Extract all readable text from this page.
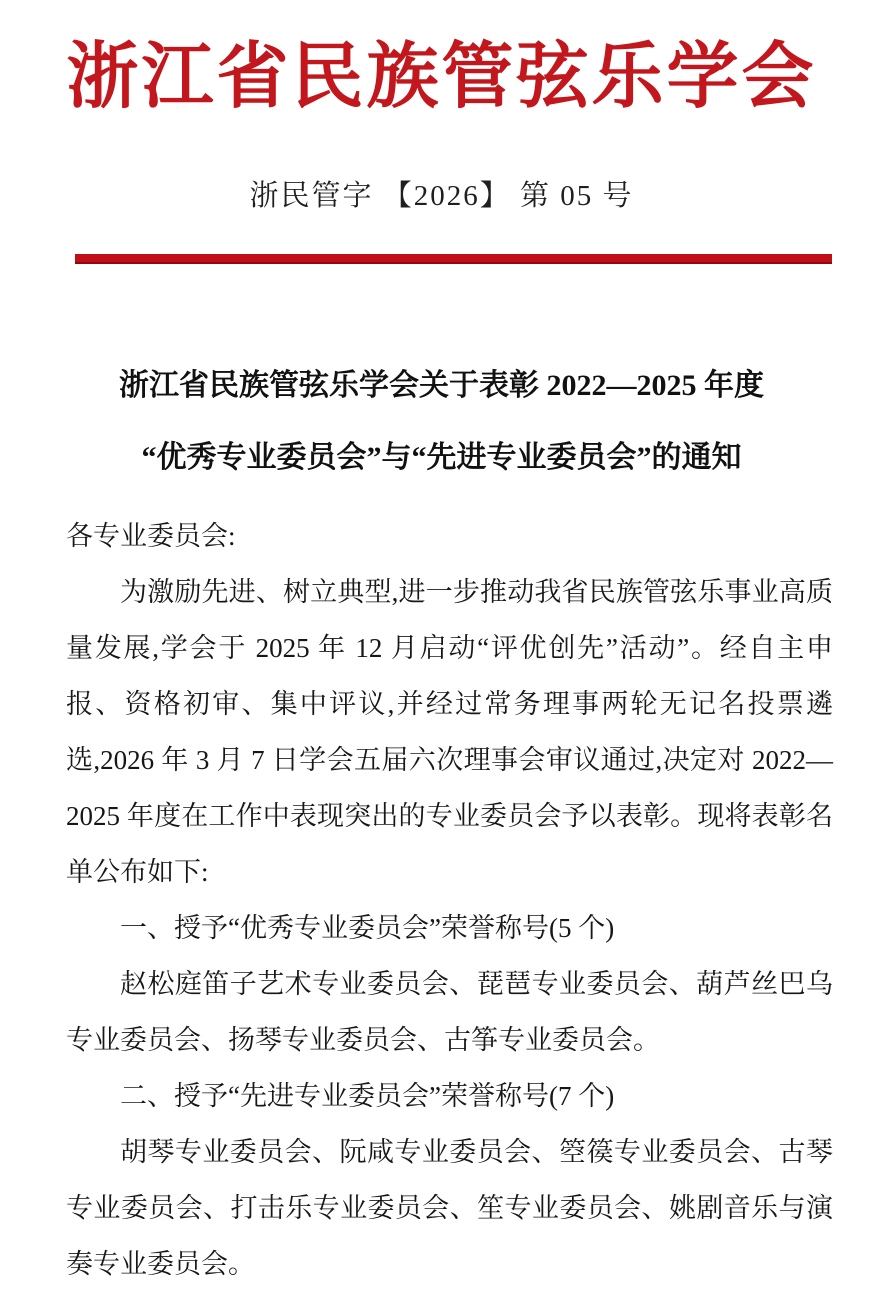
浙江省民族管弦乐学会
浙民管字 【2026】 第 05 号
浙江省民族管弦乐学会关于表彰 2022—2025 年度
“优秀专业委员会”与“先进专业委员会”的通知

各专业委员会:

为激励先进、树立典型,进一步推动我省民族管弦乐事业高质量发展,学会于 2025 年 12 月启动“评优创先”活动”。经自主申报、资格初审、集中评议,并经过常务理事两轮无记名投票遴选,2026 年 3 月 7 日学会五届六次理事会审议通过,决定对 2022—2025 年度在工作中表现突出的专业委员会予以表彰。现将表彰名单公布如下:

一、授予“优秀专业委员会”荣誉称号(5 个)

赵松庭笛子艺术专业委员会、琵琶专业委员会、葫芦丝巴乌专业委员会、扬琴专业委员会、古筝专业委员会。

二、授予“先进专业委员会”荣誉称号(7 个)

胡琴专业委员会、阮咸专业委员会、箜篌专业委员会、古琴专业委员会、打击乐专业委员会、笙专业委员会、姚剧音乐与演奏专业委员会。
